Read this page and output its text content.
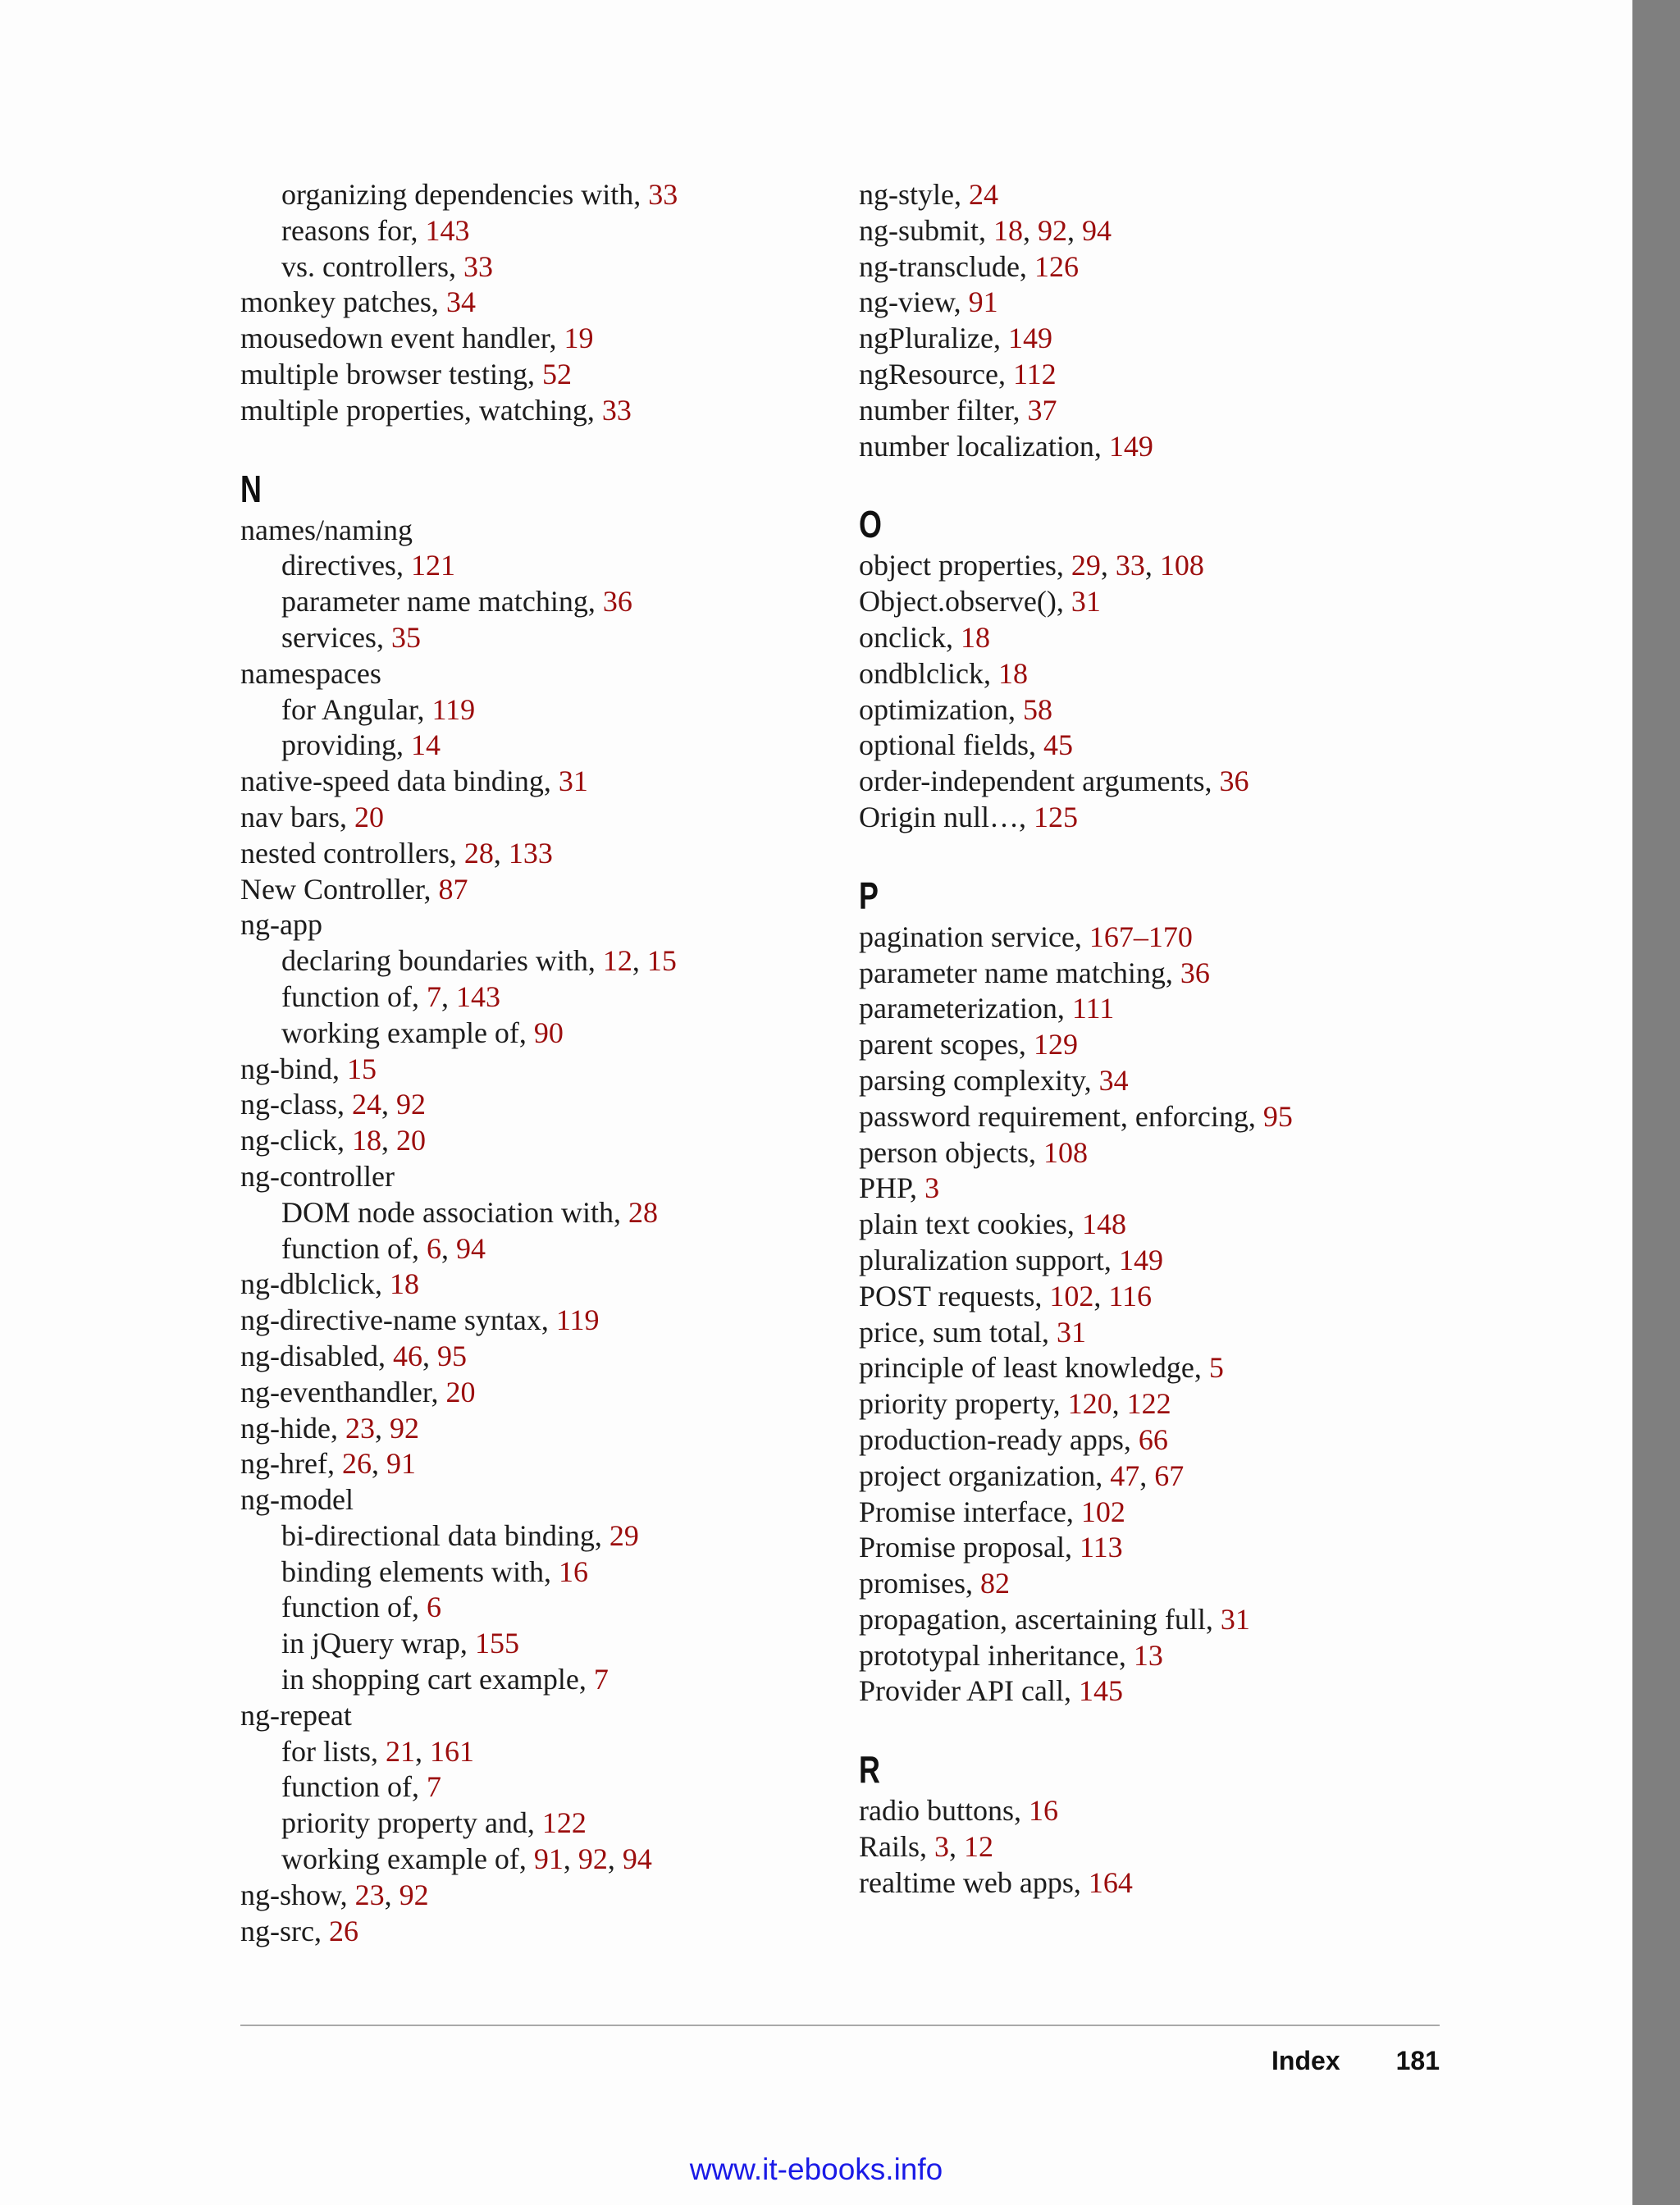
organizing dependencies with, 33
reasons for, 143
vs. controllers, 33
monkey patches, 34
mousedown event handler, 19
multiple browser testing, 52
multiple properties, watching, 33
N
names/naming
directives, 121
parameter name matching, 36
services, 35
namespaces
for Angular, 119
providing, 14
native-speed data binding, 31
nav bars, 20
nested controllers, 28, 133
New Controller, 87
ng-app
declaring boundaries with, 12, 15
function of, 7, 143
working example of, 90
ng-bind, 15
ng-class, 24, 92
ng-click, 18, 20
ng-controller
DOM node association with, 28
function of, 6, 94
ng-dblclick, 18
ng-directive-name syntax, 119
ng-disabled, 46, 95
ng-eventhandler, 20
ng-hide, 23, 92
ng-href, 26, 91
ng-model
bi-directional data binding, 29
binding elements with, 16
function of, 6
in jQuery wrap, 155
in shopping cart example, 7
ng-repeat
for lists, 21, 161
function of, 7
priority property and, 122
working example of, 91, 92, 94
ng-show, 23, 92
ng-src, 26
ng-style, 24
ng-submit, 18, 92, 94
ng-transclude, 126
ng-view, 91
ngPluralize, 149
ngResource, 112
number filter, 37
number localization, 149
O
object properties, 29, 33, 108
Object.observe(), 31
onclick, 18
ondblclick, 18
optimization, 58
optional fields, 45
order-independent arguments, 36
Origin null…, 125
P
pagination service, 167–170
parameter name matching, 36
parameterization, 111
parent scopes, 129
parsing complexity, 34
password requirement, enforcing, 95
person objects, 108
PHP, 3
plain text cookies, 148
pluralization support, 149
POST requests, 102, 116
price, sum total, 31
principle of least knowledge, 5
priority property, 120, 122
production-ready apps, 66
project organization, 47, 67
Promise interface, 102
Promise proposal, 113
promises, 82
propagation, ascertaining full, 31
prototypal inheritance, 13
Provider API call, 145
R
radio buttons, 16
Rails, 3, 12
realtime web apps, 164
Index 181
www.it-ebooks.info
